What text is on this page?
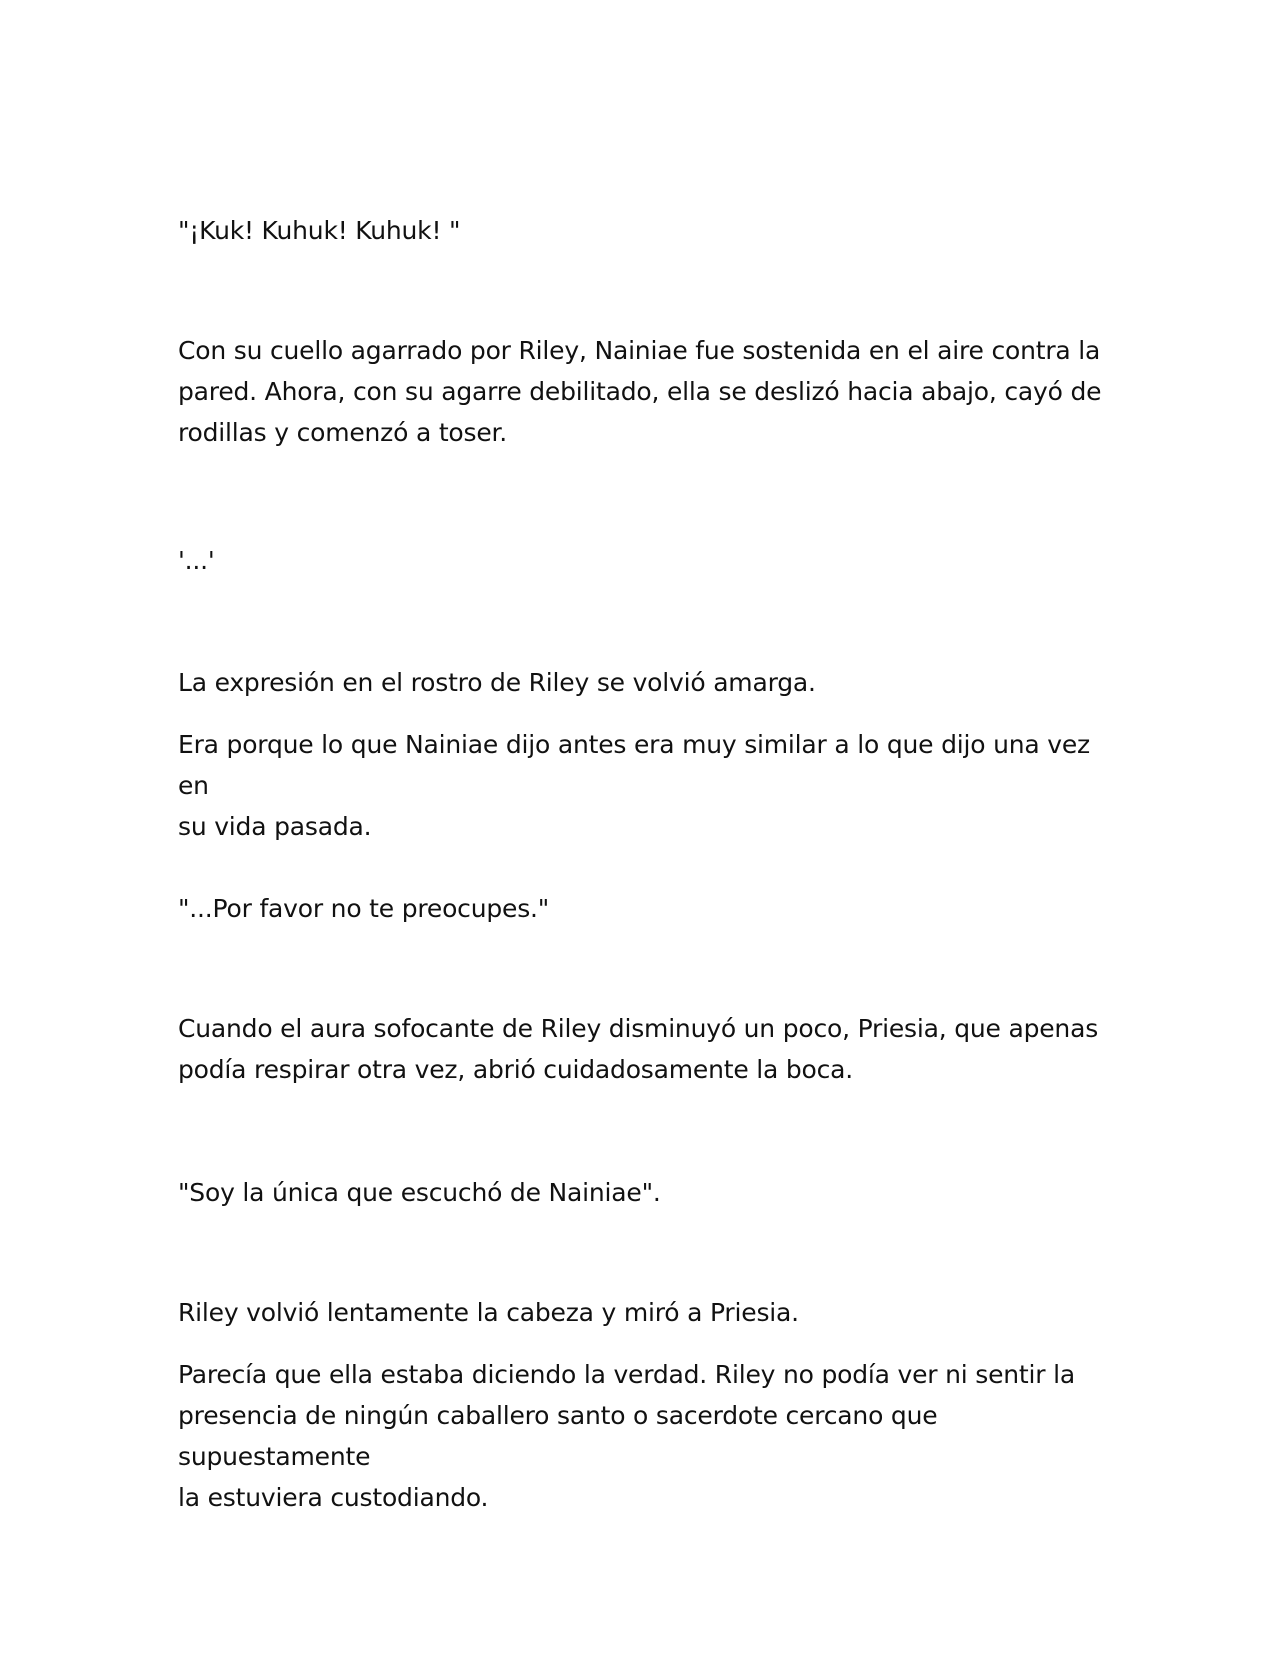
"¡Kuk! Kuhuk! Kuhuk! "

Con su cuello agarrado por Riley, Nainiae fue sostenida en el aire contra la
pared. Ahora, con su agarre debilitado, ella se deslizó hacia abajo, cayó de
rodillas y comenzó a toser.

'...'

La expresión en el rostro de Riley se volvió amarga.

Era porque lo que Nainiae dijo antes era muy similar a lo que dijo una vez en
su vida pasada.

"...Por favor no te preocupes."

Cuando el aura sofocante de Riley disminuyó un poco, Priesia, que apenas
podía respirar otra vez, abrió cuidadosamente la boca.

"Soy la única que escuchó de Nainiae".

Riley volvió lentamente la cabeza y miró a Priesia.

Parecía que ella estaba diciendo la verdad. Riley no podía ver ni sentir la
presencia de ningún caballero santo o sacerdote cercano que supuestamente
la estuviera custodiando.
